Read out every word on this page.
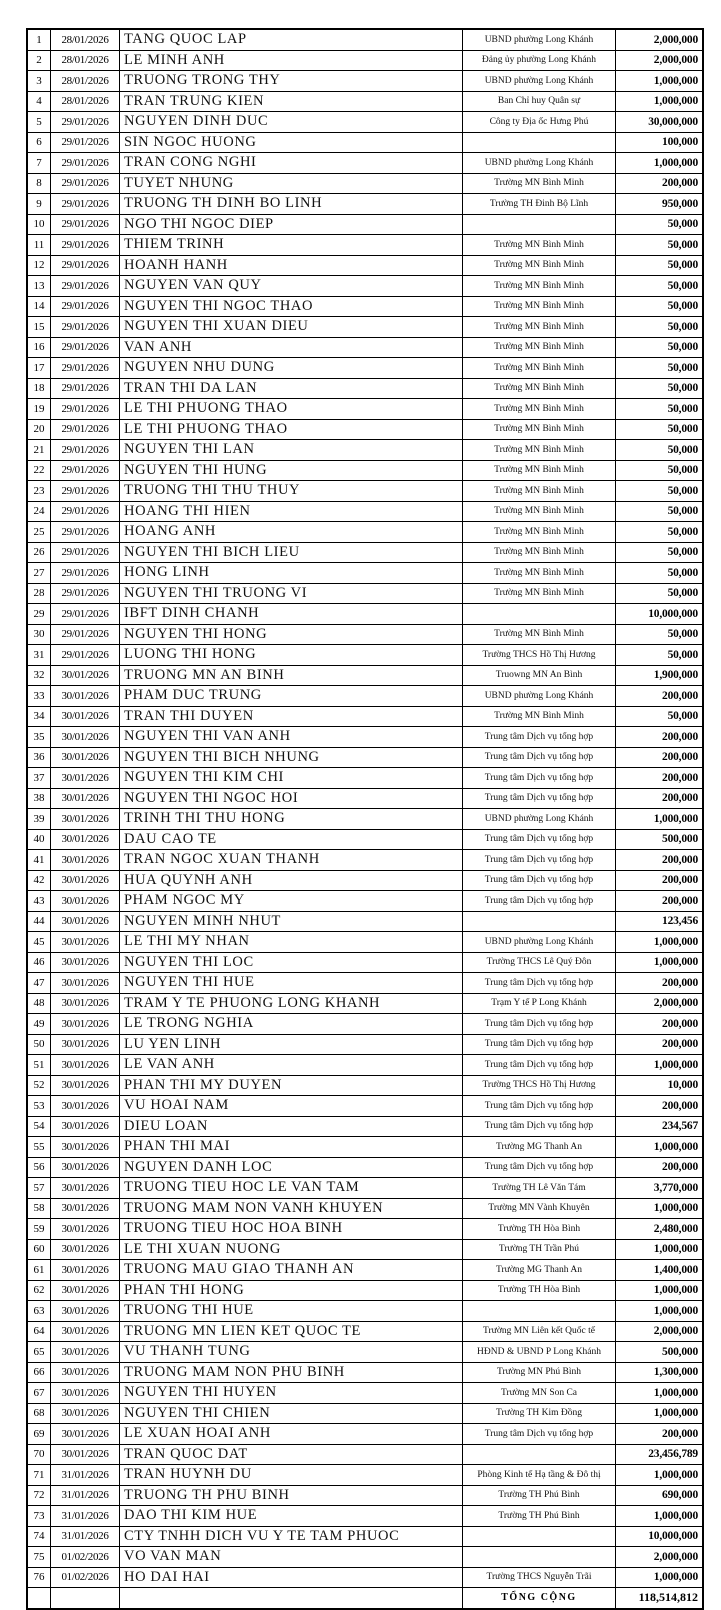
1	28/01/2026	TANG QUOC LAP	UBND phường Long Khánh	2,000,000
2	28/01/2026	LE MINH ANH	Đảng ủy phường Long Khánh	2,000,000
3	28/01/2026	TRUONG TRONG THY	UBND phường Long Khánh	1,000,000
4	28/01/2026	TRAN TRUNG KIEN	Ban Chỉ huy Quân sự	1,000,000
5	29/01/2026	NGUYEN DINH DUC	Công ty Địa ốc Hưng Phú	30,000,000
6	29/01/2026	SIN NGOC HUONG		100,000
7	29/01/2026	TRAN CONG NGHI	UBND phường Long Khánh	1,000,000
8	29/01/2026	TUYET NHUNG	Trường MN Bình Minh	200,000
9	29/01/2026	TRUONG TH DINH BO LINH	Trường TH Đinh Bộ Lĩnh	950,000
10	29/01/2026	NGO THI NGOC DIEP		50,000
11	29/01/2026	THIEM TRINH	Trường MN Bình Minh	50,000
12	29/01/2026	HOANH HANH	Trường MN Bình Minh	50,000
13	29/01/2026	NGUYEN VAN QUY	Trường MN Bình Minh	50,000
14	29/01/2026	NGUYEN THI NGOC THAO	Trường MN Bình Minh	50,000
15	29/01/2026	NGUYEN THI XUAN DIEU	Trường MN Bình Minh	50,000
16	29/01/2026	VAN ANH	Trường MN Bình Minh	50,000
17	29/01/2026	NGUYEN NHU DUNG	Trường MN Bình Minh	50,000
18	29/01/2026	TRAN THI DA LAN	Trường MN Bình Minh	50,000
19	29/01/2026	LE THI PHUONG THAO	Trường MN Bình Minh	50,000
20	29/01/2026	LE THI PHUONG THAO	Trường MN Bình Minh	50,000
21	29/01/2026	NGUYEN THI LAN	Trường MN Bình Minh	50,000
22	29/01/2026	NGUYEN THI HUNG	Trường MN Bình Minh	50,000
23	29/01/2026	TRUONG THI THU THUY	Trường MN Bình Minh	50,000
24	29/01/2026	HOANG THI HIEN	Trường MN Bình Minh	50,000
25	29/01/2026	HOANG ANH	Trường MN Bình Minh	50,000
26	29/01/2026	NGUYEN THI BICH LIEU	Trường MN Bình Minh	50,000
27	29/01/2026	HONG LINH	Trường MN Bình Minh	50,000
28	29/01/2026	NGUYEN THI TRUONG VI	Trường MN Bình Minh	50,000
29	29/01/2026	IBFT DINH CHANH		10,000,000
30	29/01/2026	NGUYEN THI HONG	Trường MN Bình Minh	50,000
31	29/01/2026	LUONG THI HONG	Trường THCS Hồ Thị Hương	50,000
32	30/01/2026	TRUONG MN AN BINH	Truowng MN An Bình	1,900,000
33	30/01/2026	PHAM DUC TRUNG	UBND phường Long Khánh	200,000
34	30/01/2026	TRAN THI DUYEN	Trường MN Bình Minh	50,000
35	30/01/2026	NGUYEN THI VAN ANH	Trung tâm Dịch vụ tổng hợp	200,000
36	30/01/2026	NGUYEN THI BICH NHUNG	Trung tâm Dịch vụ tổng hợp	200,000
37	30/01/2026	NGUYEN THI KIM CHI	Trung tâm Dịch vụ tổng hợp	200,000
38	30/01/2026	NGUYEN THI NGOC HOI	Trung tâm Dịch vụ tổng hợp	200,000
39	30/01/2026	TRINH THI THU HONG	UBND phường Long Khánh	1,000,000
40	30/01/2026	DAU CAO TE	Trung tâm Dịch vụ tổng hợp	500,000
41	30/01/2026	TRAN NGOC XUAN THANH	Trung tâm Dịch vụ tổng hợp	200,000
42	30/01/2026	HUA QUYNH ANH	Trung tâm Dịch vụ tổng hợp	200,000
43	30/01/2026	PHAM NGOC MY	Trung tâm Dịch vụ tổng hợp	200,000
44	30/01/2026	NGUYEN MINH NHUT		123,456
45	30/01/2026	LE THI MY NHAN	UBND phường Long Khánh	1,000,000
46	30/01/2026	NGUYEN THI LOC	Trường THCS Lê Quý Đôn	1,000,000
47	30/01/2026	NGUYEN THI HUE	Trung tâm Dịch vụ tổng hợp	200,000
48	30/01/2026	TRAM Y TE PHUONG LONG KHANH	Trạm Y tế P Long Khánh	2,000,000
49	30/01/2026	LE TRONG NGHIA	Trung tâm Dịch vụ tổng hợp	200,000
50	30/01/2026	LU YEN LINH	Trung tâm Dịch vụ tổng hợp	200,000
51	30/01/2026	LE VAN ANH	Trung tâm Dịch vụ tổng hợp	1,000,000
52	30/01/2026	PHAN THI MY DUYEN	Trường THCS Hồ Thị Hương	10,000
53	30/01/2026	VU HOAI NAM	Trung tâm Dịch vụ tổng hợp	200,000
54	30/01/2026	DIEU LOAN	Trung tâm Dịch vụ tổng hợp	234,567
55	30/01/2026	PHAN THI MAI	Trường MG Thanh An	1,000,000
56	30/01/2026	NGUYEN DANH LOC	Trung tâm Dịch vụ tổng hợp	200,000
57	30/01/2026	TRUONG TIEU HOC LE VAN TAM	Trường TH Lê Văn Tám	3,770,000
58	30/01/2026	TRUONG MAM NON VANH KHUYEN	Trường MN Vành Khuyên	1,000,000
59	30/01/2026	TRUONG TIEU HOC HOA BINH	Trường TH Hòa Bình	2,480,000
60	30/01/2026	LE THI XUAN NUONG	Trường TH Trần Phú	1,000,000
61	30/01/2026	TRUONG MAU GIAO THANH AN	Trường MG Thanh An	1,400,000
62	30/01/2026	PHAN THI HONG	Trường TH Hòa Bình	1,000,000
63	30/01/2026	TRUONG THI HUE		1,000,000
64	30/01/2026	TRUONG MN LIEN KET QUOC TE	Trường MN Liên kết Quốc tế	2,000,000
65	30/01/2026	VU THANH TUNG	HĐND & UBND P Long Khánh	500,000
66	30/01/2026	TRUONG MAM NON PHU BINH	Trường MN Phú Bình	1,300,000
67	30/01/2026	NGUYEN THI HUYEN	Trường MN Son Ca	1,000,000
68	30/01/2026	NGUYEN THI CHIEN	Trường TH Kim Đồng	1,000,000
69	30/01/2026	LE XUAN HOAI ANH	Trung tâm Dịch vụ tổng hợp	200,000
70	30/01/2026	TRAN QUOC DAT		23,456,789
71	31/01/2026	TRAN HUYNH DU	Phòng Kinh tế Hạ tầng & Đô thị	1,000,000
72	31/01/2026	TRUONG TH PHU BINH	Trường TH Phú Bình	690,000
73	31/01/2026	DAO THI KIM HUE	Trường TH Phú Bình	1,000,000
74	31/01/2026	CTY TNHH DICH VU Y TE TAM PHUOC		10,000,000
75	01/02/2026	VO VAN MAN		2,000,000
76	01/02/2026	HO DAI HAI	Trường THCS Nguyễn Trãi	1,000,000
			TỔNG CỘNG	118,514,812
